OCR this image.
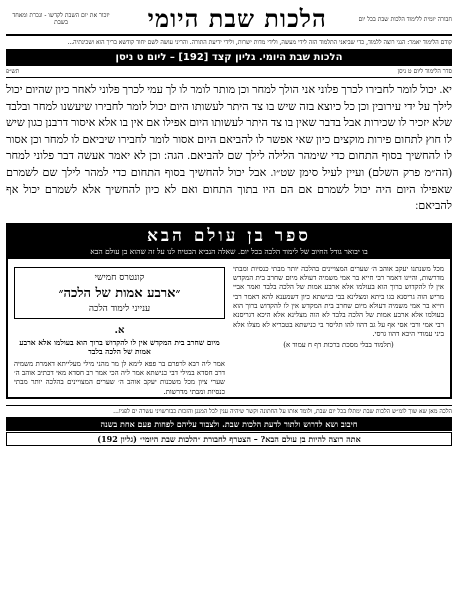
חבורה יומית ללימוד הלכות שבת בכל יום
הלכות שבת היומי
יזכור את יום השבת לקדשו - ונכרת ומאחד בשבת
קודם הלימוד יאמר: הנני רוצה ללמוד, כדי שביאני התלמוד הזה לידי מעשה, ולידי מדות ישרות, ולידי ידיעת התורה. והריני עושה לשם יחוד קודשא בריך הוא ושכינתיה...
הלכות שבת היומי. גליון קצד [192] – ליום ט ניסן
סדר הלימוד ליום ט ניסן
תש״פ
יא. יכול לומר לחבירו לכרך פלוני אני הולך למחר וכן מותר לומר לו לך עמי לכרך פלוני לאחר כיון שהיום יכול לילך על ידי עירובין וכן כל כיוצא בזה שיש בו צד היתר לעשותו היום יכול לומר לחבירו שיעשנו למחר ובלבד שלא יזכיר לו שכירות אבל בדבר שאין בו צד היתר לעשותו היום אפילו אם אין בו אלא איסור דרבנן כגון שיש לו חוץ לתחום פירות מוקצים כיון שאי אפשר לו להביאם היום אסור לומר לחבירו שיביאם לו למחר וכן אסור לו להחשיך בסוף התחום כדי שימהר הלילה לילך שם להביאם. הגה: וכן לא יאמר אעשה דבר פלוני למחר (הה״מ פרק השלם) ועיין לעיל סימן שט״ו. אבל יכול להחשיך בסוף התחום כדי למהר לילך שם לשמרם שאפילו היום היה יכול לשמרם אם הם היו בתוך התחום ואם לא כיון להחשיך אלא לשמרם יכול אף להביאם:
ספר בן עולם הבא
בו יבואר גודל החיוב של לימוד הלכה בכל יום. שאלה הנביא הבטיח לנו על זה שהוא בן עולם הבא

מכל משנתנו יעקב אוהב ה׳ שערים המצויינים בהלכה יותר מבתי כנסיות ומבתי מדרשות, והיינו דאמר רבי חייא בר אמי משמיה דעולא מיום שחרב בית המקדש אין לו להקדוש ברוך הוא בעולמו אלא ארבע אמות של הלכה בלבד ואמר אביי מריש הוה גריסנא בגו ביתא ומצלינא בבי כנישתא כיון דשמענא להא דאמר רבי חייא בר אמי משמיה דעולא מיום שחרב בית המקדש אין לו להקדוש ברוך הוא בעולמו אלא ארבע אמות של הלכה בלבד לא הוה מצלינא אלא היכא דגריסנא רבי אמי ורבי אסי אף על גב דהוו להו תליסר בי כנישתא בטבריא לא מצלו אלא ביני עמודי היכא דהוו גרסי.

(תלמוד בבלי מסכת ברכות דף ח עמוד א)

קונטרס חמישי
״ארבע אמות של הלכה״
ענייני לימוד הלכה
א.
מיום שחרב בית המקדש אין לו להקדוש ברוך הוא בעולמו אלא ארבע אמות של הלכה בלבד

אמר ליה רבא לרפרם בר פפא לימא לן מר מהני מילי מעלייתא דאמרת משמיה דרב חסדא במילי דבי כנישתא אמר ליה הכי אמר רב חסדא מאי דכתיב אוהב ה׳ שערי ציון מכל משכנות יעקב אוהב ה׳ שערים המצויינים בהלכה יותר מבתי כנסיות ומבתי מדרשות.

הלכה מאן שא שוך לומ״ש הלכות שבת ימתלו בכל יום שבת, ולומד אותו על החתונה וקשר שיהיה ענין לכל המנגן והזכות כבורשויני עשרה ים לפניו...
חיבוב ושא לדרוש ולתור לדעת הלכות שבת. ולצבור עליהם לפחות פעם אחת בשנה
אתה רוצה להיות בן עולם הבא? – הצטרף לחבורת ״הלכות שבת היומי״ (גליון 192)
